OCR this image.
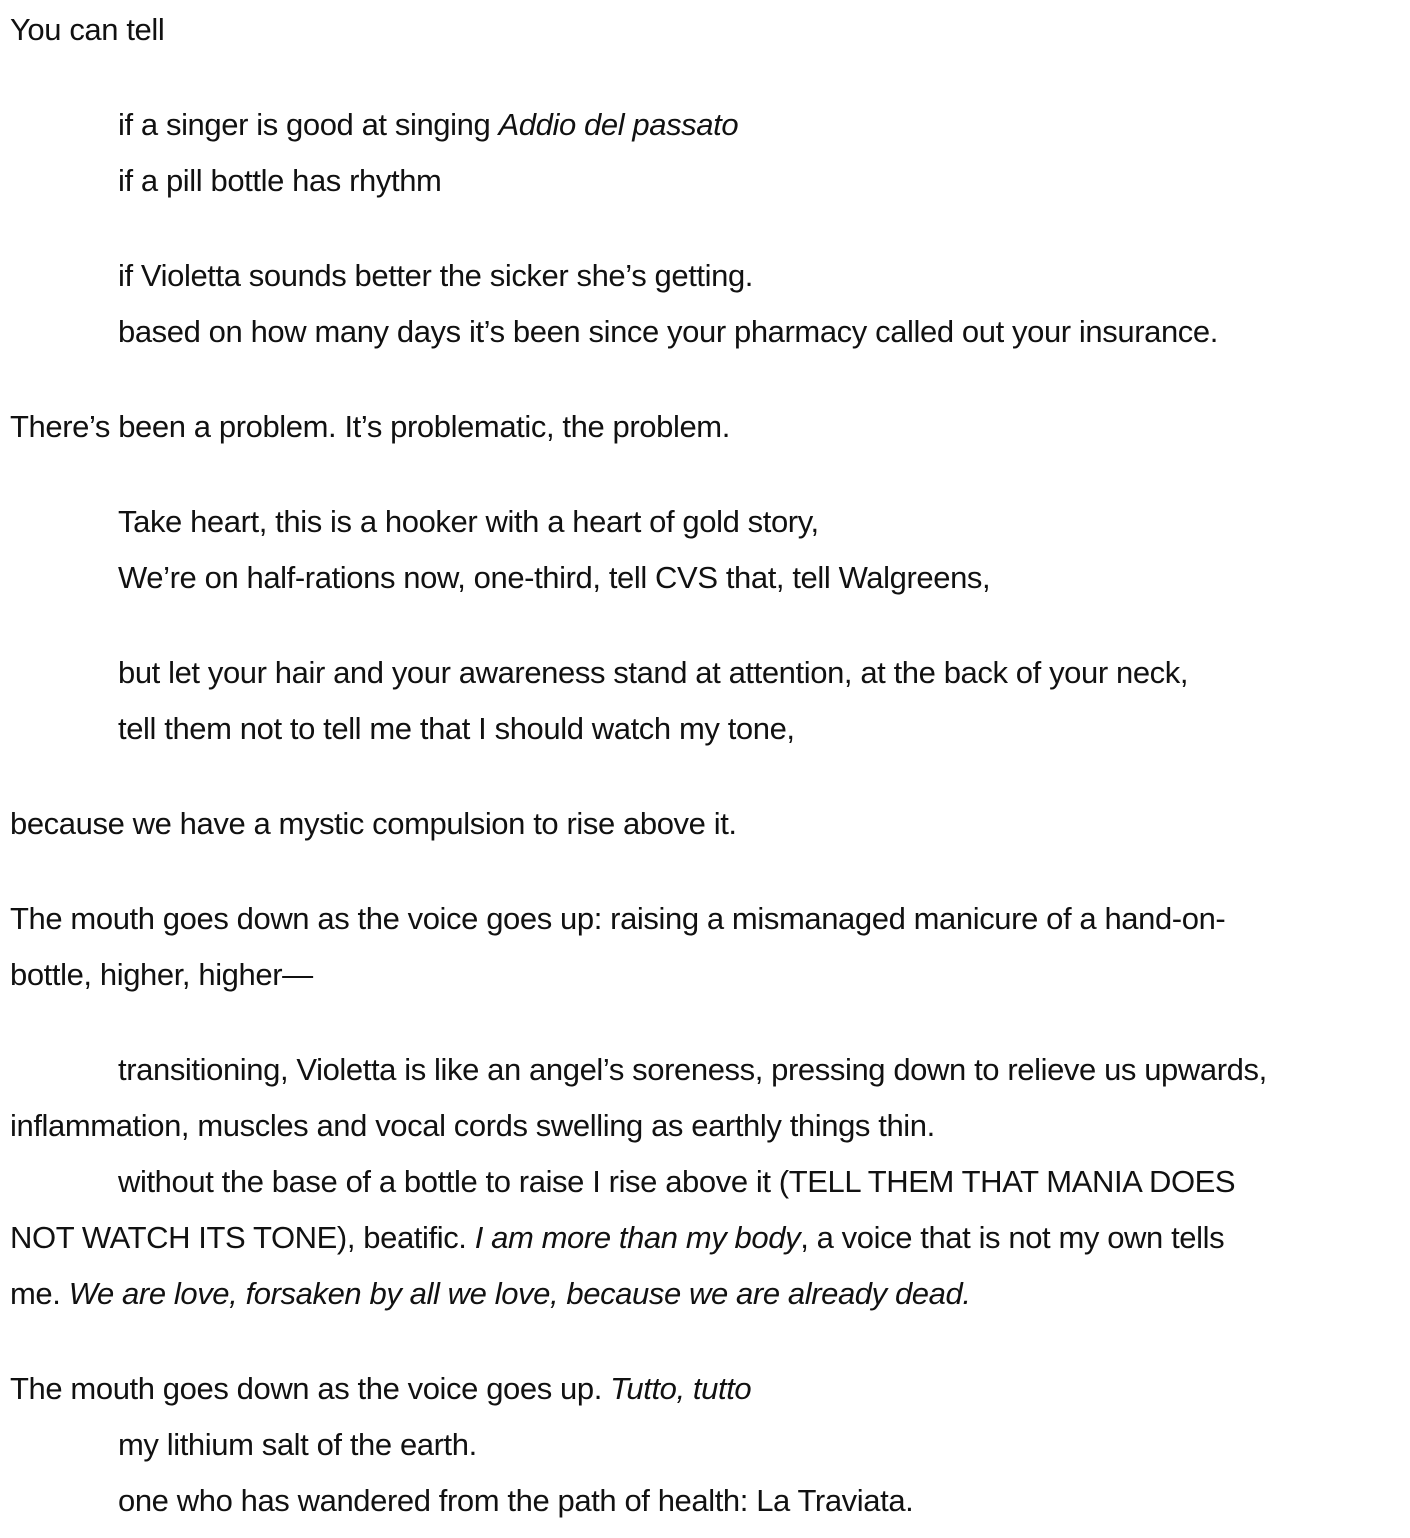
You can tell

if a singer is good at singing Addio del passato

if a pill bottle has rhythm

if Violetta sounds better the sicker she’s getting.

based on how many days it’s been since your pharmacy called out your insurance.

There’s been a problem. It’s problematic, the problem.

Take heart, this is a hooker with a heart of gold story,

We’re on half-rations now, one-third, tell CVS that, tell Walgreens,

but let your hair and your awareness stand at attention, at the back of your neck,

tell them not to tell me that I should watch my tone,

because we have a mystic compulsion to rise above it.

The mouth goes down as the voice goes up: raising a mismanaged manicure of a hand-on-

bottle, higher, higher—

transitioning, Violetta is like an angel’s soreness, pressing down to relieve us upwards,

inflammation, muscles and vocal cords swelling as earthly things thin.

without the base of a bottle to raise I rise above it (TELL THEM THAT MANIA DOES

NOT WATCH ITS TONE), beatific. I am more than my body, a voice that is not my own tells

me. We are love, forsaken by all we love, because we are already dead.

The mouth goes down as the voice goes up. Tutto, tutto

my lithium salt of the earth.

one who has wandered from the path of health: La Traviata.
